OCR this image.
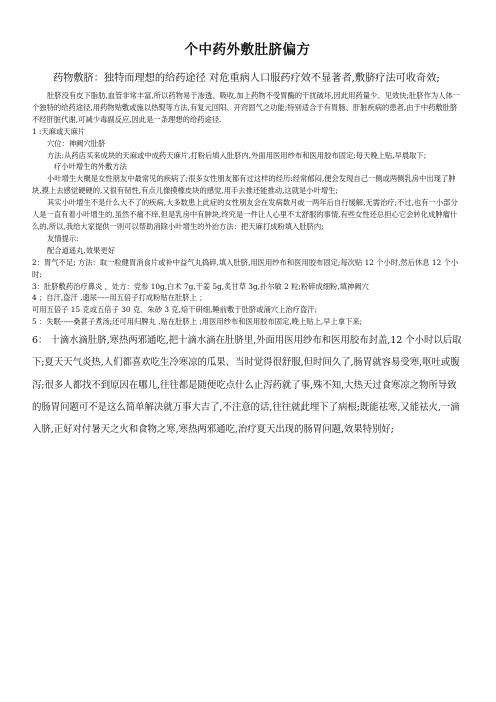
个中药外敷肚脐偏方

药物敷脐：独特而理想的给药途径 对危重病人口服药疗效不显著者,敷脐疗法可收奇效;

肚脐没有皮下脂肪,血管非常丰富,所以药物易于渗透、吸收,加上药物不受胃酶的干扰破坏,因此用药量少、见效快;肚脐作为人体一个独特的给药途径,用药物贴敷或施以热熨等方法,有复元回阳、开窍固气之功能;特别适合于有胃肠、肝脏疾病的患者,由于中药敷肚脐不经肝脏代谢,可减少毒副反应,因此是一条理想的给药途径.

1 :天麻或天麻片

穴位：神阙穴肚脐

方法:从药店买来成块的天麻或中成药天麻片,打粉后填入肚脐内,外面用医用纱布和医用胶布固定;每天晚上贴,早晨取下;

疗小叶增生的外敷方法

小叶增生大概是女性朋友中最常见的疾病了;很多女性朋友都有过这样的经历:经常郁闷,便会发现自己一侧或两侧乳房中出现了肿块,摸上去感觉硬硬的,又很有韧性,有点儿像摸橡皮块的感觉,用手去推还能推动,这就是小叶增生;

其实小叶增生不是什么大不了的疾病,大多数患上此症的女性朋友会在发病数月或一两年后自行缓解,无需治疗;不过,也有一小部分人是一直有着小叶增生的,虽然不痛不痒,但是乳房中有肿块,终究是一件让人心里不太舒服的事情,有些女性还总担心它会转化成肿瘤什么的,所以,我给大家提供一则可以帮助消除小叶增生的外治方法：把天麻打成粉填入肚脐内;

友情提示:

配合道遥丸,效果更好

2：胃气不足; 方法：取一粒健胃消食片或补中益气丸捣碎,填入肚脐,用医用纱布和医用胶布固定;每次贴 12 个小时,然后休息 12 个小时;

3：肚脐敷药治疗鼻炎 ，处方：党参 10g,白术 7g,干姜 5g,炙甘草 3g,扑尔敏 2 粒;粉碎成细粉,填神阙穴

4 ；自汗,盗汗 ,遗尿-----用五倍子打成粉贴在肚脐上 ；

可用五倍子 15 克或五倍子 30 克、朱砂 3 克,焙干研细,睡前敷于肚脐或涌穴上治疗盗汗;

5 ：失眠-----桑葚子煮汤;还可用归脾丸 ,贴在肚脐上 ;用医用纱布和医用胶布固定,晚上贴上,早上拿下来;

6： 十滴水滴肚脐,寒热两邪通吃,把十滴水滴在肚脐里,外面用医用纱布和医用胶布封盖,12 个小时以后取下;夏天天气炎热,人们都喜欢吃生冷寒凉的瓜果、当时觉得很舒服,但时间久了,肠胃就容易受寒,呕吐或腹泻;很多人都找不到原因在哪儿,往往都是随便吃点什么止泻药就了事,殊不知,大热天过食寒凉之物所导致的肠胃问题可不是这么简单解决就万事大吉了,不注意的话,往往就此埋下了病根;既能祛寒,又能祛火,一滴入脐,正好对付暑天之火和食物之寒,寒热两邪通吃,治疗夏天出现的肠胃问题,效果特别好;
